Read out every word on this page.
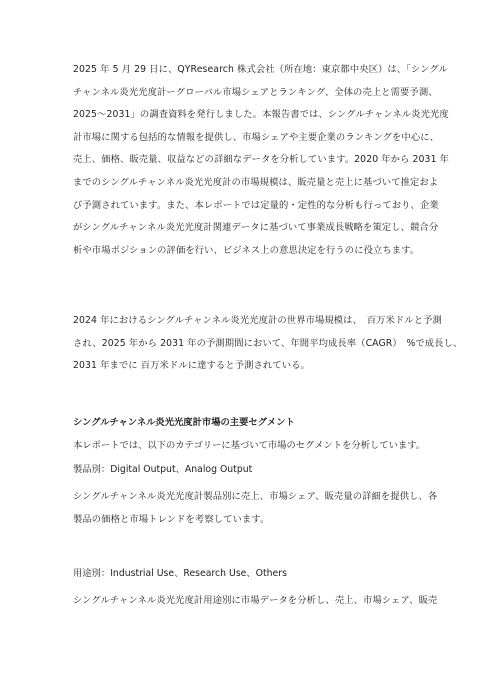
2025 年 5 月 29 日に、QYResearch 株式会社（所在地：東京都中央区）は、「シングル
チャンネル炎光光度計ーグローバル市場シェアとランキング、全体の売上と需要予測、
2025～2031」の調査資料を発行しました。本報告書では、シングルチャンネル炎光光度
計市場に関する包括的な情報を提供し、市場シェアや主要企業のランキングを中心に、
売上、価格、販売量、収益などの詳細なデータを分析しています。2020 年から 2031 年
までのシングルチャンネル炎光光度計の市場規模は、販売量と売上に基づいて推定およ
び予測されています。また、本レポートでは定量的・定性的な分析も行っており、企業
がシングルチャンネル炎光光度計関連データに基づいて事業成長戦略を策定し、競合分
析や市場ポジションの評価を行い、ビジネス上の意思決定を行うのに役立ちます。
2024 年におけるシングルチャンネル炎光光度計の世界市場規模は、　百万米ドルと予測
され、2025 年から 2031 年の予測期間において、年間平均成長率（CAGR）　%で成長し、
2031 年までに 百万米ドルに達すると予測されている。

シングルチャンネル炎光光度計市場の主要セグメント

本レポートでは、以下のカテゴリーに基づいて市場のセグメントを分析しています。

製品別：Digital Output、Analog Output

シングルチャンネル炎光光度計製品別に売上、市場シェア、販売量の詳細を提供し、各
製品の価格と市場トレンドを考察しています。

用途別：Industrial Use、Research Use、Others

シングルチャンネル炎光光度計用途別に市場データを分析し、売上、市場シェア、販売
